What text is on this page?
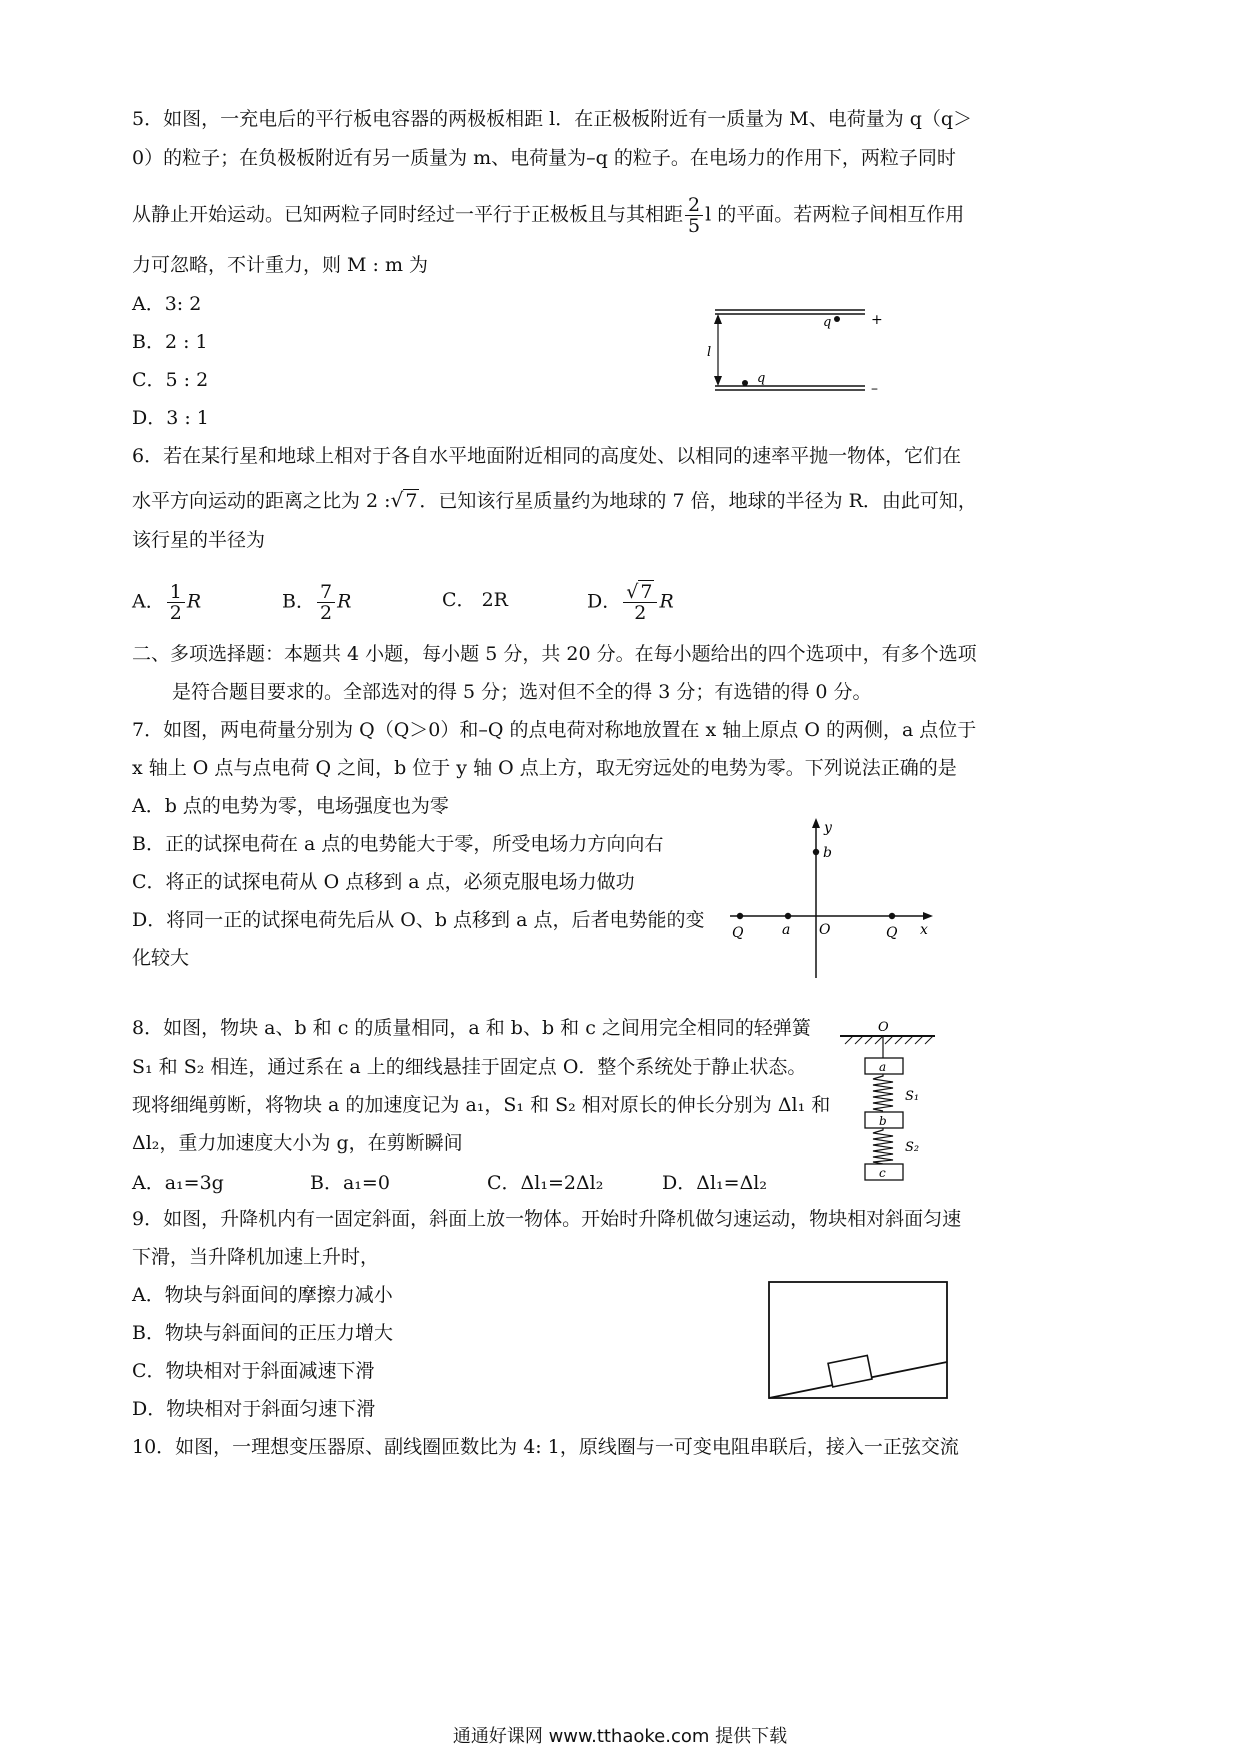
5．如图，一充电后的平行板电容器的两极板相距 l．在正极板附近有一质量为 M、电荷量为 q（q＞
0）的粒子；在负极板附近有另一质量为 m、电荷量为–q 的粒子。在电场力的作用下，两粒子同时
从静止开始运动。已知两粒子同时经过一平行于正极板且与其相距 $\frac{2}{5}$ l 的平面。若两粒子间相互作用
力可忽略，不计重力，则 M : m 为
A．3: 2
B．2 : 1
C．5 : 2
D．3 : 1
q
q
l
+
–
6．若在某行星和地球上相对于各自水平地面附近相同的高度处、以相同的速率平抛一物体，它们在
水平方向运动的距离之比为 2 :√ 7 ．已知该行星质量约为地球的 7 倍，地球的半径为 R．由此可知，
该行星的半径为
A． $\frac{1}{2}$ R	B． $\frac{7}{2}$ R	C． 2R	D． $\frac{√ 7}{2}$ R
二、多项选择题：本题共 4 小题，每小题 5 分，共 20 分。在每小题给出的四个选项中，有多个选项
是符合题目要求的。全部选对的得 5 分；选对但不全的得 3 分；有选错的得 0 分。
7．如图，两电荷量分别为 Q（Q＞0）和–Q 的点电荷对称地放置在 x 轴上原点 O 的两侧，a 点位于
x 轴上 O 点与点电荷 Q 之间，b 位于 y 轴 O 点上方，取无穷远处的电势为零。下列说法正确的是
A．b 点的电势为零，电场强度也为零
B．正的试探电荷在 a 点的电势能大于零，所受电场力方向向右
C．将正的试探电荷从 O 点移到 a 点，必须克服电场力做功
D．将同一正的试探电荷先后从 O、b 点移到 a 点，后者电势能的变
化较大
y
b
x
O
a
Q	Q
8．如图，物块 a、b 和 c 的质量相同，a 和 b、b 和 c 之间用完全相同的轻弹簧
S₁ 和 S₂ 相连，通过系在 a 上的细线悬挂于固定点 O．整个系统处于静止状态。
现将细绳剪断，将物块 a 的加速度记为 a₁，S₁ 和 S₂ 相对原长的伸长分别为 Δl₁ 和
Δl₂，重力加速度大小为 g，在剪断瞬间
A．a₁=3g	B．a₁=0	C．Δl₁=2Δl₂	D．Δl₁=Δl₂
O
a
b
c
S₁
S₂
9．如图，升降机内有一固定斜面，斜面上放一物体。开始时升降机做匀速运动，物块相对斜面匀速
下滑，当升降机加速上升时，
A．物块与斜面间的摩擦力减小
B．物块与斜面间的正压力增大
C．物块相对于斜面减速下滑
D．物块相对于斜面匀速下滑
10．如图，一理想变压器原、副线圈匝数比为 4: 1，原线圈与一可变电阻串联后，接入一正弦交流
通通好课网 www.tthaoke.com 提供下载
